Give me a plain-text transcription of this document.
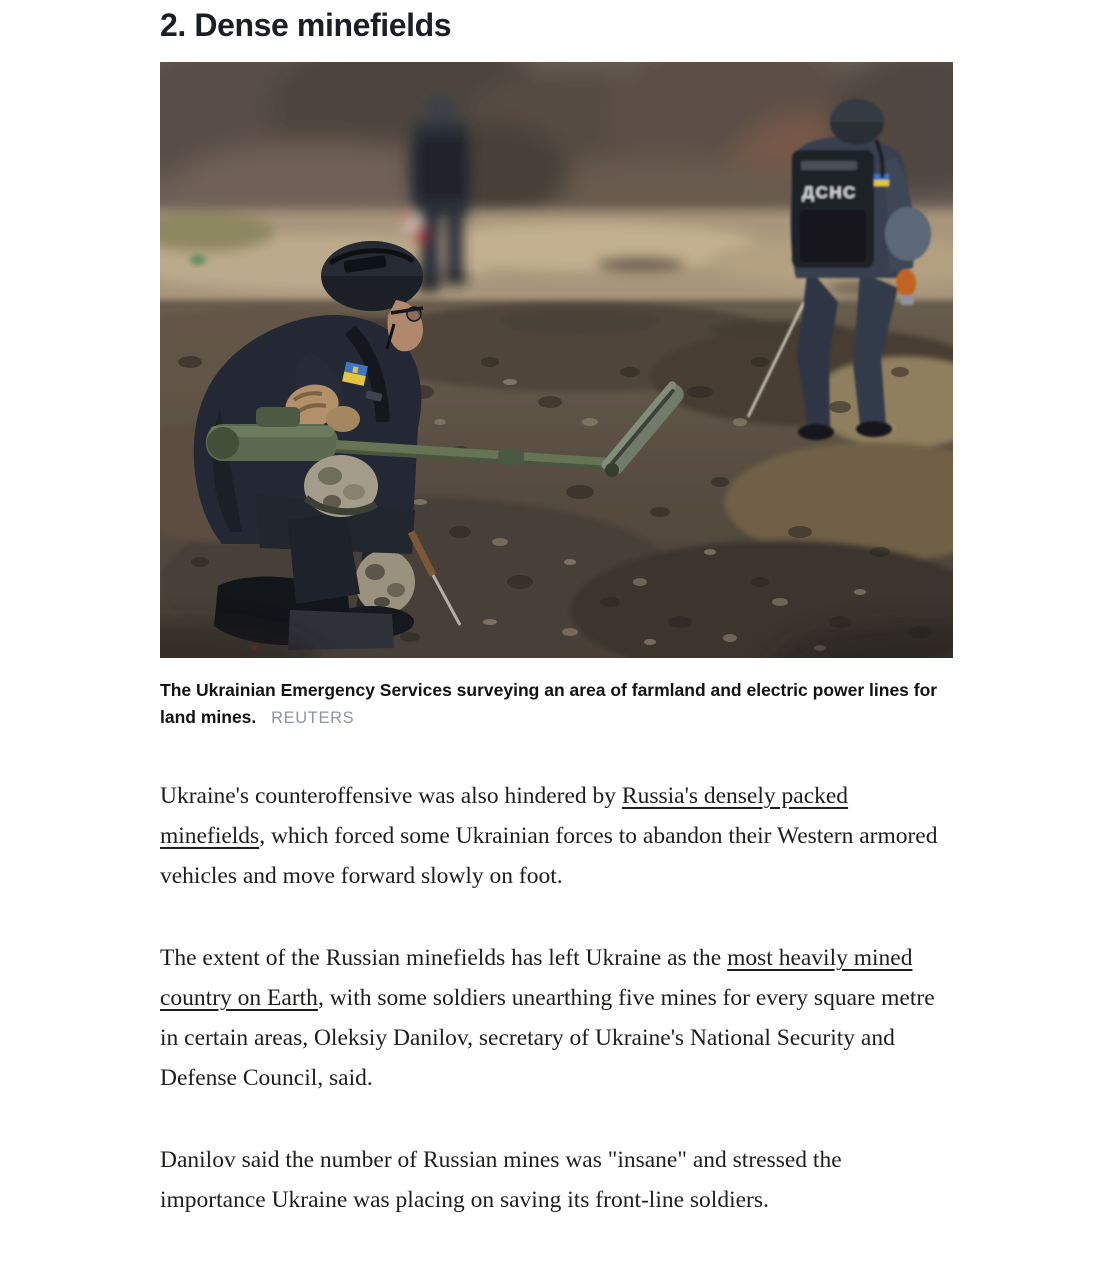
2. Dense minefields
ДСНС
The Ukrainian Emergency Services surveying an area of farmland and electric power lines for land mines. REUTERS

Ukraine's counteroffensive was also hindered by Russia's densely packed minefields, which forced some Ukrainian forces to abandon their Western armored vehicles and move forward slowly on foot.

The extent of the Russian minefields has left Ukraine as the most heavily mined country on Earth, with some soldiers unearthing five mines for every square metre in certain areas, Oleksiy Danilov, secretary of Ukraine's National Security and Defense Council, said.

Danilov said the number of Russian mines was "insane" and stressed the importance Ukraine was placing on saving its front-line soldiers.
